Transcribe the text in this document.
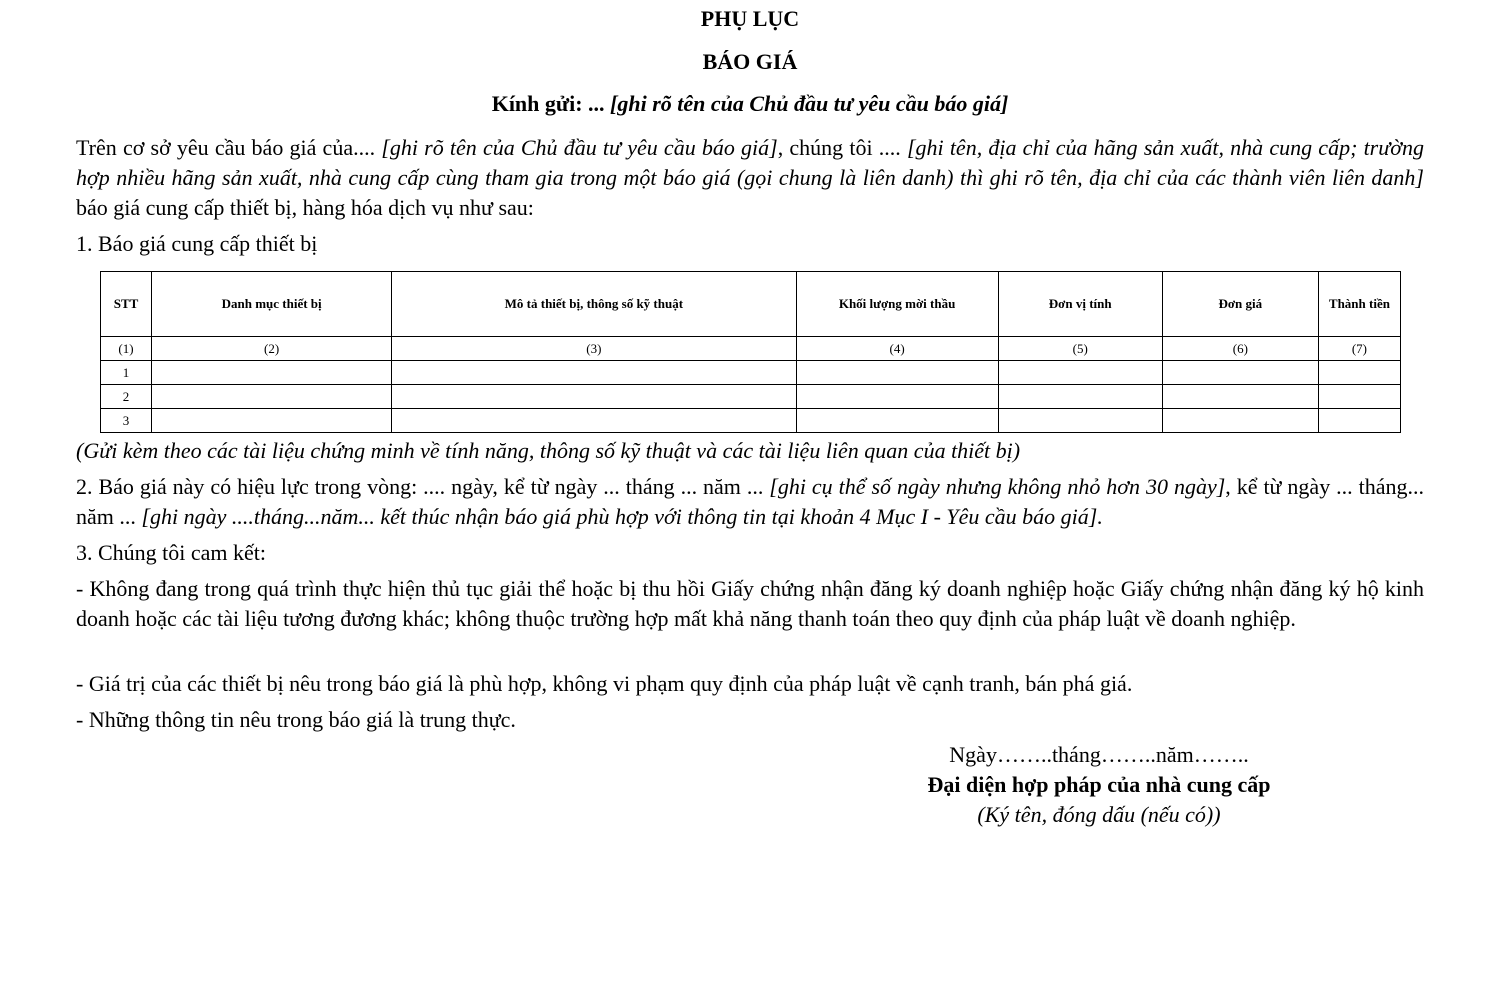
PHỤ LỤC
BÁO GIÁ
Kính gửi: ... [ghi rõ tên của Chủ đầu tư yêu cầu báo giá]
Trên cơ sở yêu cầu báo giá của.... [ghi rõ tên của Chủ đầu tư yêu cầu báo giá], chúng tôi .... [ghi tên, địa chỉ của hãng sản xuất, nhà cung cấp; trường hợp nhiều hãng sản xuất, nhà cung cấp cùng tham gia trong một báo giá (gọi chung là liên danh) thì ghi rõ tên, địa chỉ của các thành viên liên danh] báo giá cung cấp thiết bị, hàng hóa dịch vụ như sau:
1. Báo giá cung cấp thiết bị
STT	Danh mục thiết bị	Mô tả thiết bị, thông số kỹ thuật	Khối lượng mời thầu	Đơn vị tính	Đơn giá	Thành tiền
(1)	(2)	(3)	(4)	(5)	(6)	(7)
1						
2						
3						
(Gửi kèm theo các tài liệu chứng minh về tính năng, thông số kỹ thuật và các tài liệu liên quan của thiết bị)
2. Báo giá này có hiệu lực trong vòng: .... ngày, kể từ ngày ... tháng ... năm ... [ghi cụ thể số ngày nhưng không nhỏ hơn 30 ngày], kể từ ngày ... tháng... năm ... [ghi ngày ....tháng...năm... kết thúc nhận báo giá phù hợp với thông tin tại khoản 4 Mục I - Yêu cầu báo giá].
3. Chúng tôi cam kết:
- Không đang trong quá trình thực hiện thủ tục giải thể hoặc bị thu hồi Giấy chứng nhận đăng ký doanh nghiệp hoặc Giấy chứng nhận đăng ký hộ kinh doanh hoặc các tài liệu tương đương khác; không thuộc trường hợp mất khả năng thanh toán theo quy định của pháp luật về doanh nghiệp.
- Giá trị của các thiết bị nêu trong báo giá là phù hợp, không vi phạm quy định của pháp luật về cạnh tranh, bán phá giá.
- Những thông tin nêu trong báo giá là trung thực.
Ngày……..tháng……..năm……..
Đại diện hợp pháp của nhà cung cấp
(Ký tên, đóng dấu (nếu có))
